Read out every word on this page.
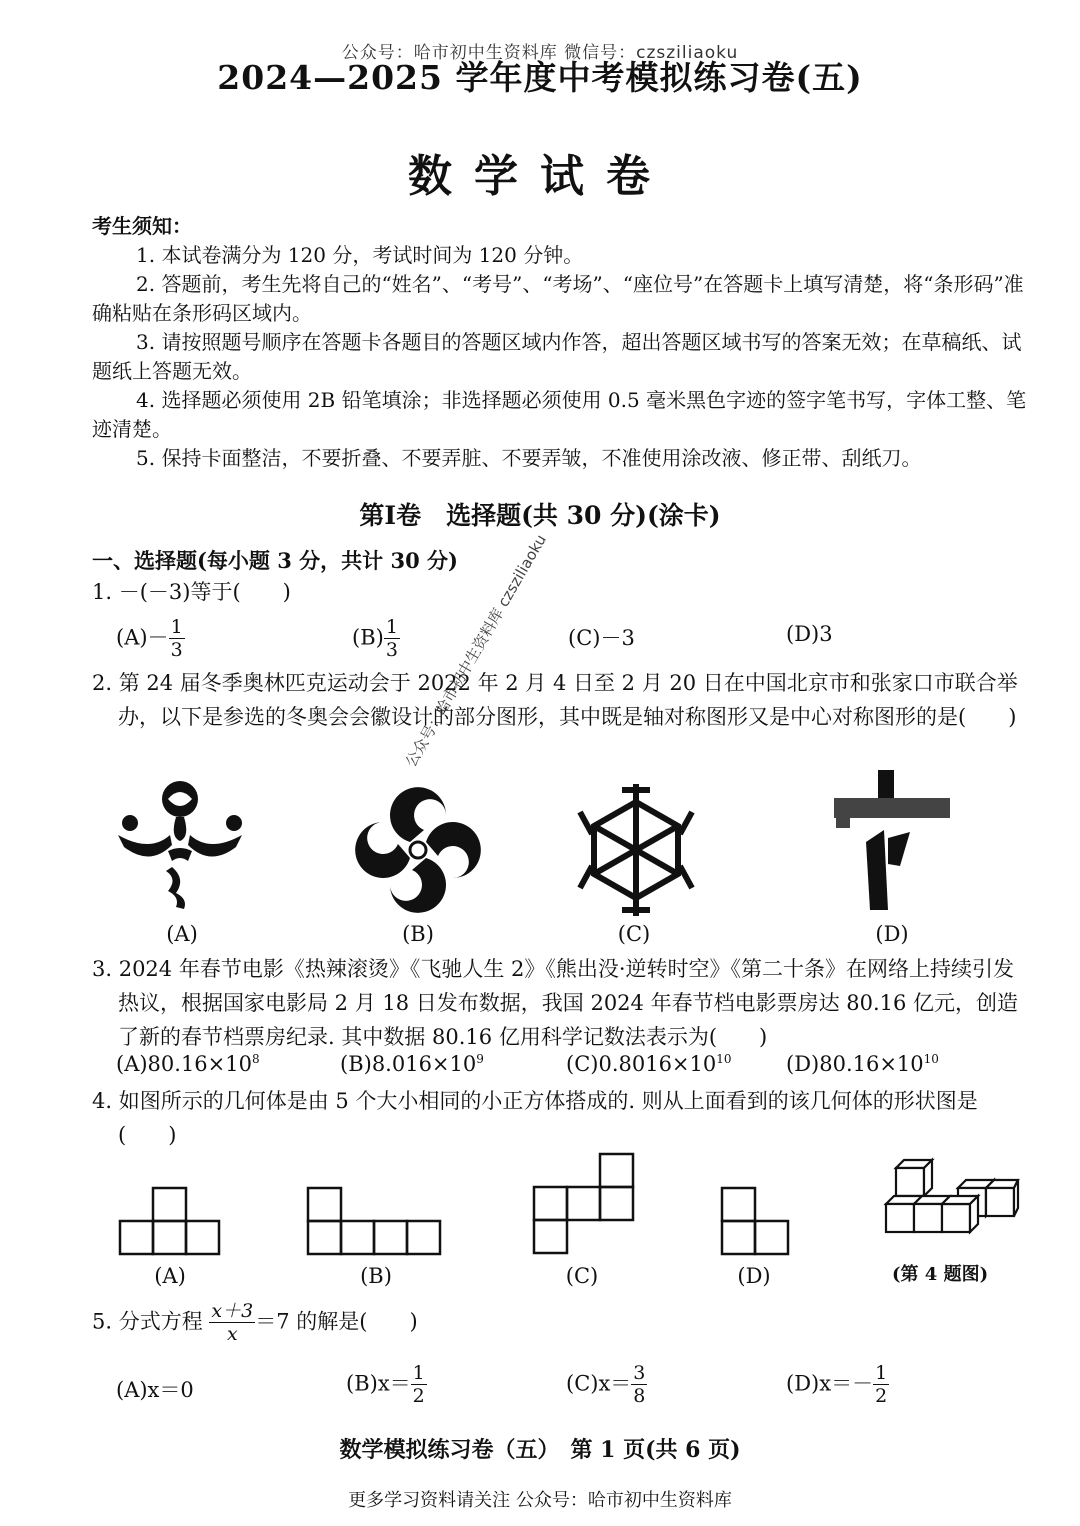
公众号：哈市初中生资料库 微信号：czsziliaoku
2024—2025 学年度中考模拟练习卷(五)
数学试卷

考生须知：

1. 本试卷满分为 120 分，考试时间为 120 分钟。

2. 答题前，考生先将自己的“姓名”、“考号”、“考场”、“座位号”在答题卡上填写清楚，将“条形码”准确粘贴在条形码区域内。

3. 请按照题号顺序在答题卡各题目的答题区域内作答，超出答题区域书写的答案无效；在草稿纸、试题纸上答题无效。

4. 选择题必须使用 2B 铅笔填涂；非选择题必须使用 0.5 毫米黑色字迹的签字笔书写，字体工整、笔迹清楚。

5. 保持卡面整洁，不要折叠、不要弄脏、不要弄皱，不准使用涂改液、修正带、刮纸刀。

第Ⅰ卷　选择题(共 30 分)(涂卡)
一、选择题(每小题 3 分，共计 30 分)
1. －(－3)等于(　　)
$(A)- \frac{1}{3}$	$(B) \frac{1}{3}$	(C)－3	(D)3

2. 第 24 届冬季奥林匹克运动会于 2022 年 2 月 4 日至 2 月 20 日在中国北京市和张家口市联合举办，以下是参选的冬奥会会徽设计的部分图形，其中既是轴对称图形又是中心对称图形的是(　　)

(A)	(B)	(C)	(D)

3. 2024 年春节电影《热辣滚烫》《飞驰人生 2》《熊出没·逆转时空》《第二十条》在网络上持续引发热议，根据国家电影局 2 月 18 日发布数据，我国 2024 年春节档电影票房达 80.16 亿元，创造了新的春节档票房纪录. 其中数据 80.16 亿用科学记数法表示为(　　)

$(A)80.16\times 10^8$	$(B)8.016\times 10^9$	$(C)0.8016\times 10^{10}$	$(D)80.16\times 10^{10}$

4. 如图所示的几何体是由 5 个大小相同的小正方体搭成的. 则从上面看到的该几何体的形状图是(　　)

(A)	(B)	(C)	(D)	(第 4 题图)
5. 分式方程 $\frac{x+3}{x} =7$ 的解是(　　)
(A)x＝0	$(B)x= \frac{1}{2}$	$(C)x= \frac{3}{8}$	$(D)x=- \frac{1}{2}$
数学模拟练习卷（五）　第 1 页(共 6 页)
更多学习资料请关注 公众号：哈市初中生资料库
公众号：哈市初中生资料库 czsziliaoku
